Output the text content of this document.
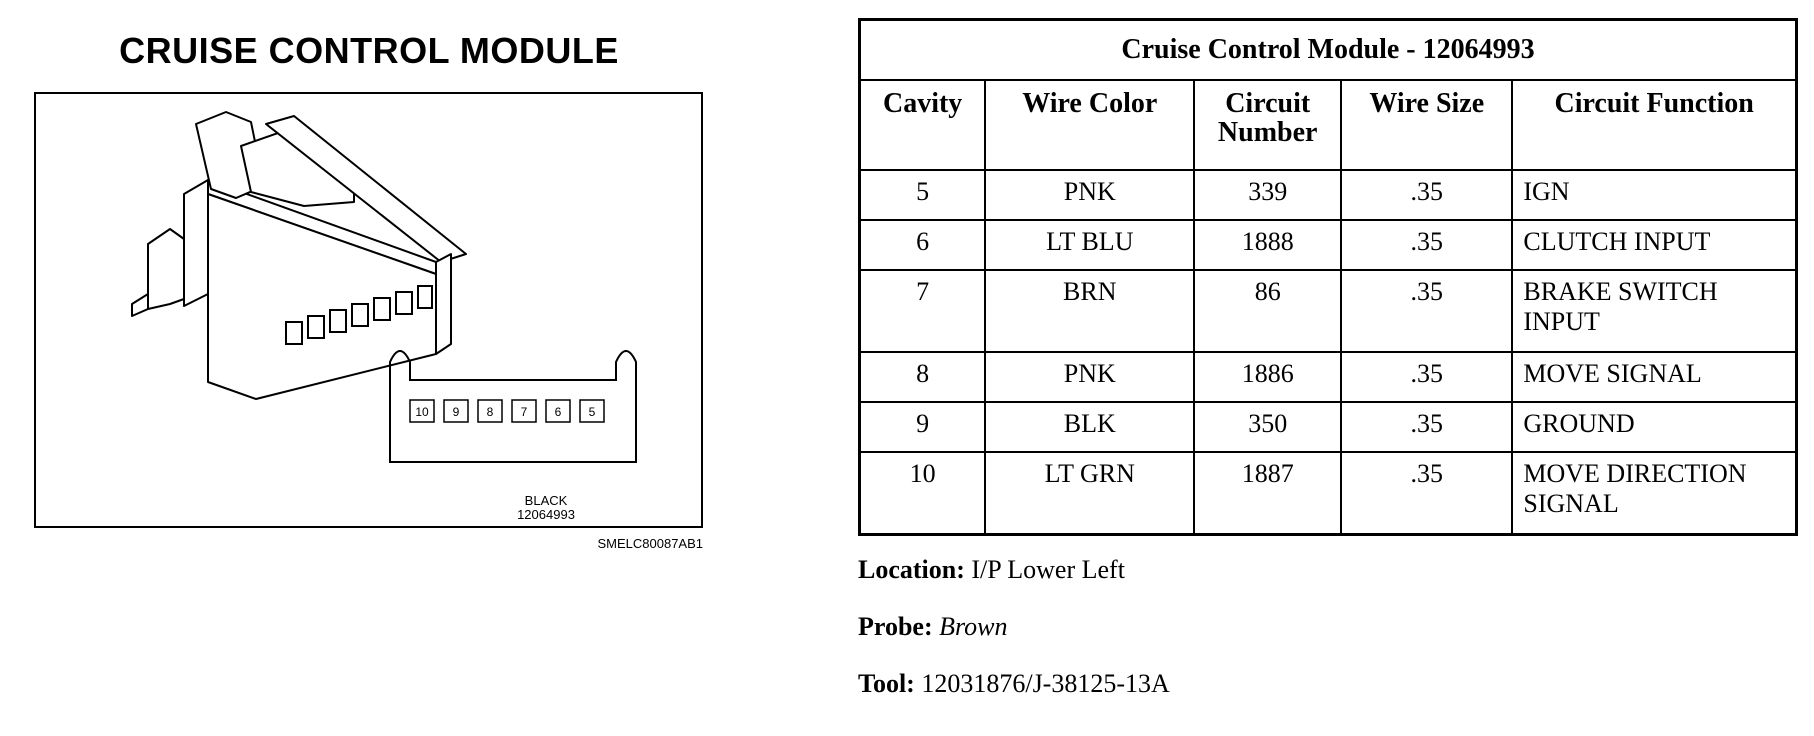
CRUISE CONTROL MODULE
10 9 8 7 6 5
BLACK
12064993
SMELC80087AB1
Cruise Control Module - 12064993				
Cavity	Wire Color	Circuit Number	Wire Size	Circuit Function
5	PNK	339	.35	IGN
6	LT BLU	1888	.35	CLUTCH INPUT
7	BRN	86	.35	BRAKE SWITCH INPUT
8	PNK	1886	.35	MOVE SIGNAL
9	BLK	350	.35	GROUND
10	LT GRN	1887	.35	MOVE DIRECTION SIGNAL
Location: I/P Lower Left
Probe: Brown
Tool: 12031876/J-38125-13A
